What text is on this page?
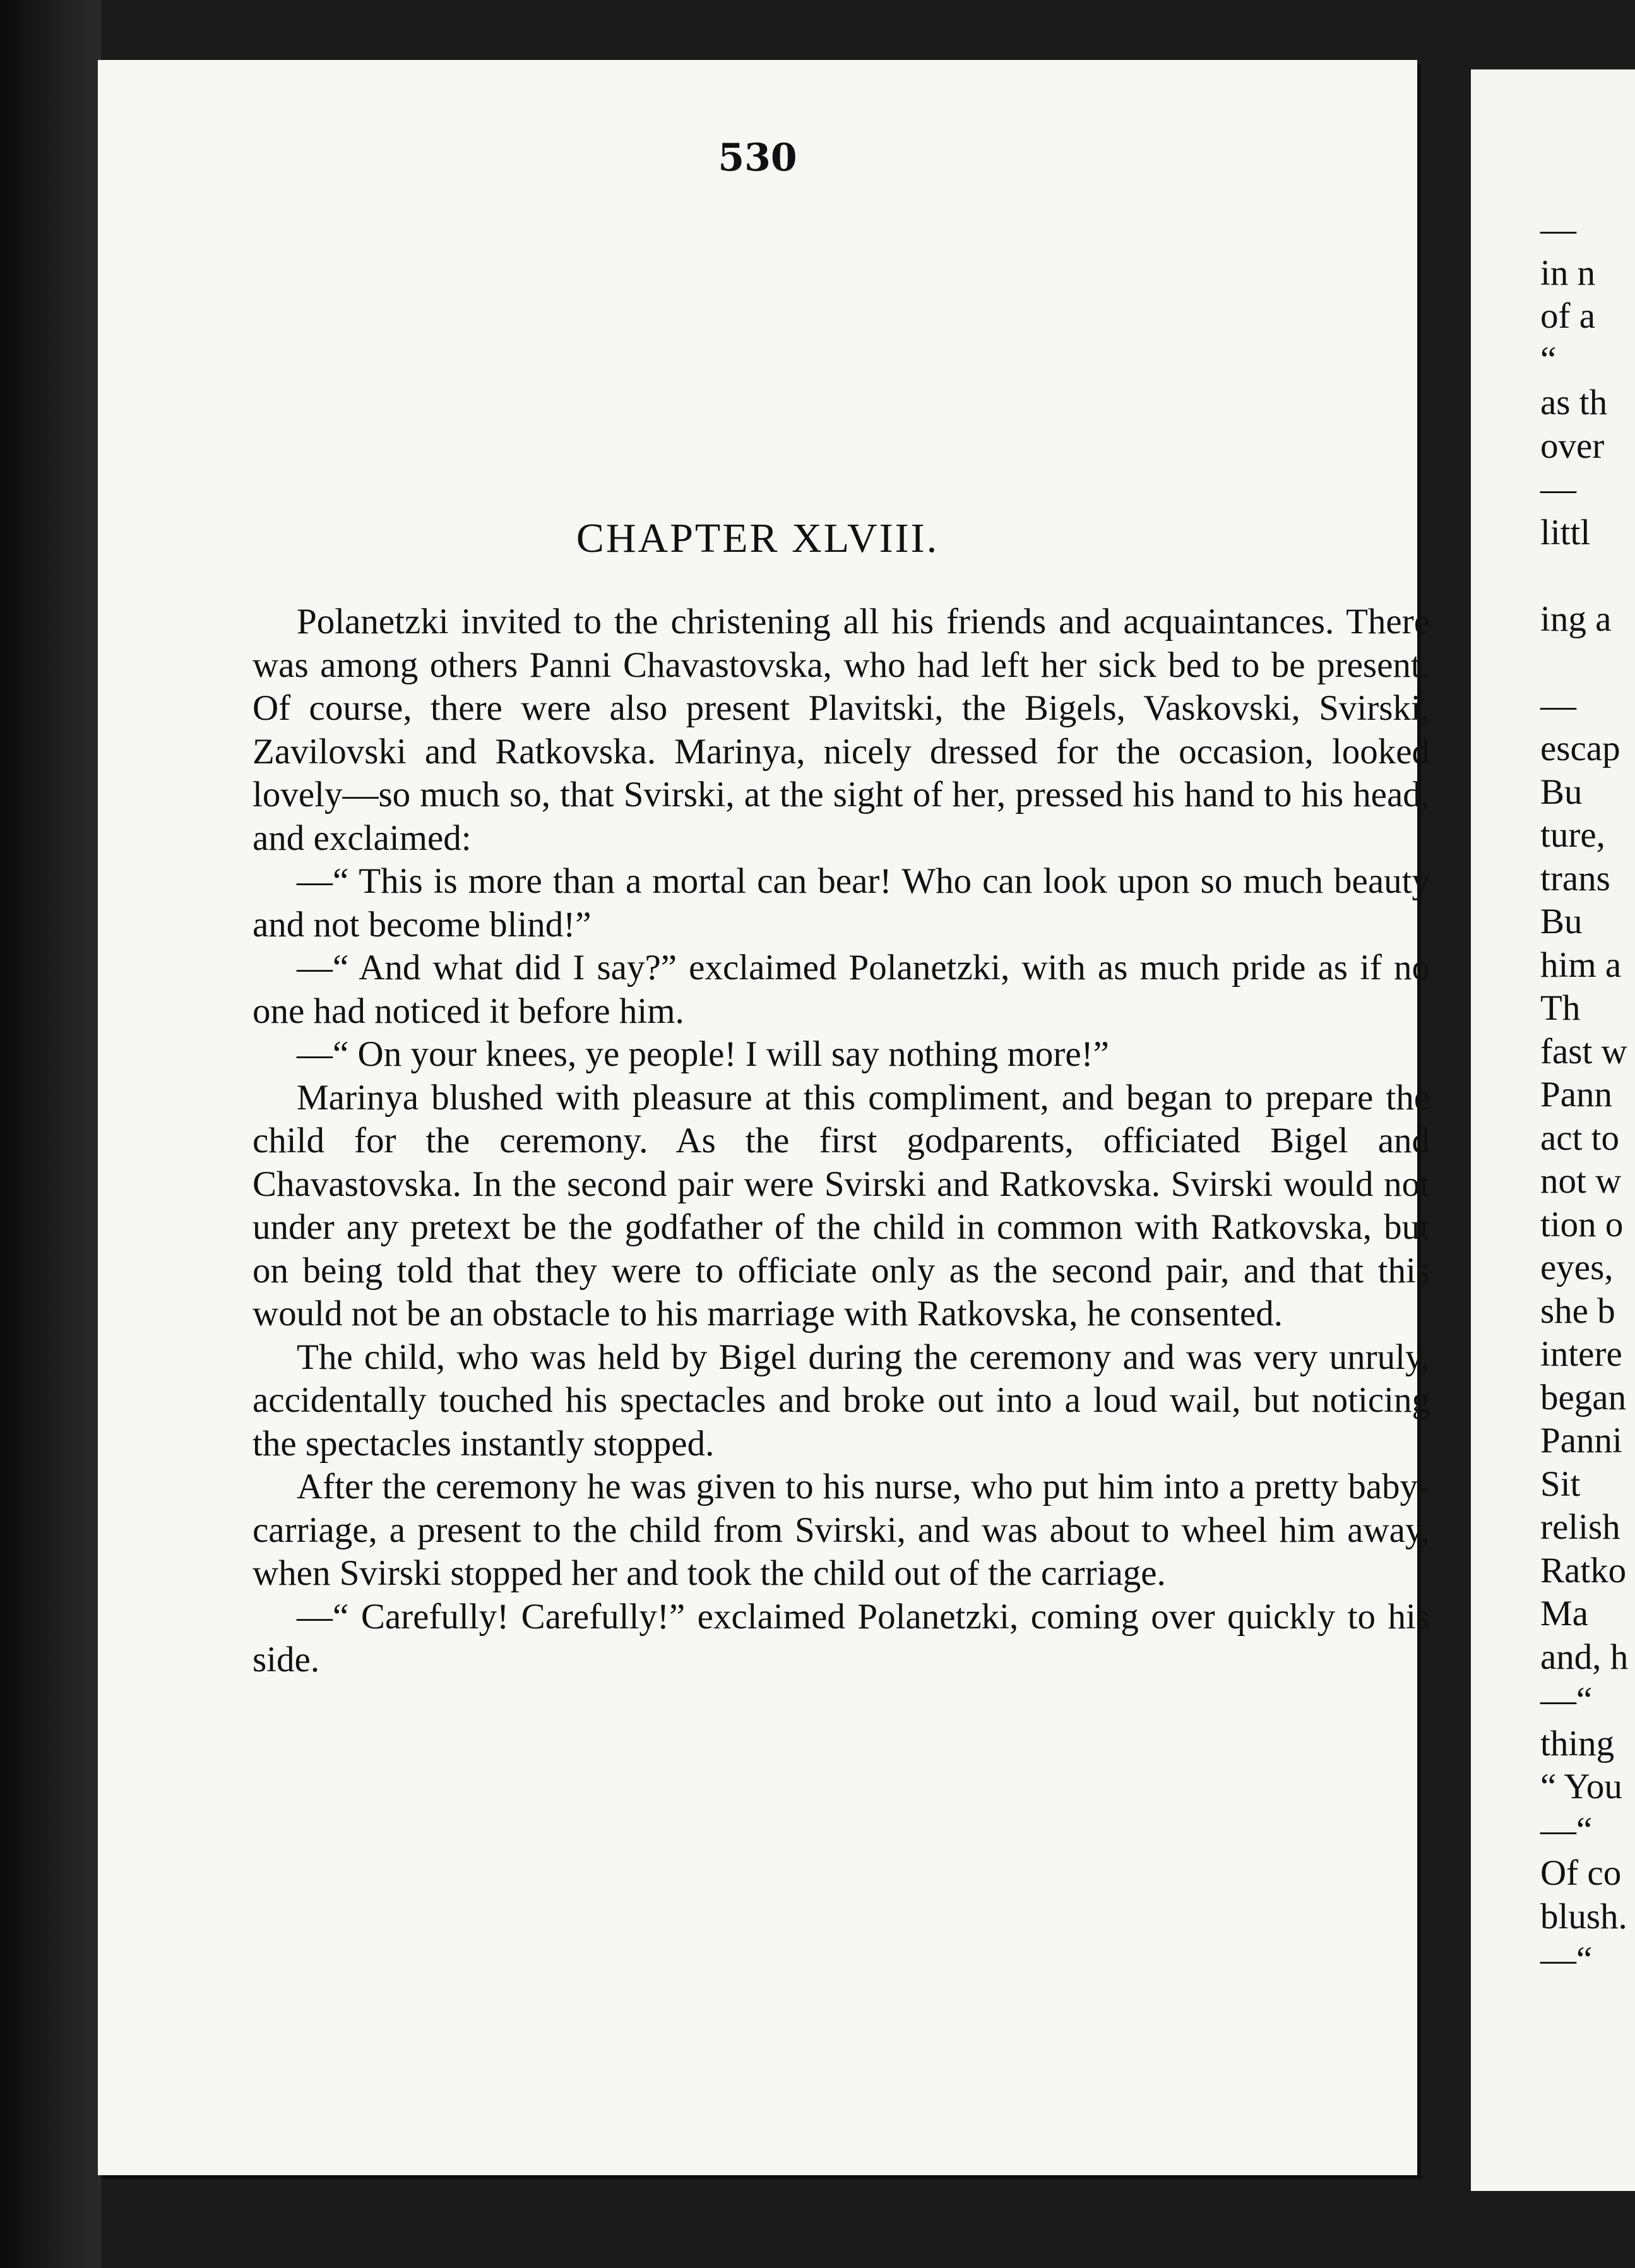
530
CHAPTER XLVIII.

Polanetzki invited to the christening all his friends and acquaintances. There was among others Panni Chavastovska, who had left her sick bed to be present. Of course, there were also present Plavitski, the Bigels, Vaskovski, Svirski, Zavilovski and Ratkovska. Marinya, nicely dressed for the occasion, looked lovely—so much so, that Svirski, at the sight of her, pressed his hand to his head, and exclaimed:

—“ This is more than a mortal can bear! Who can look upon so much beauty and not become blind!”

—“ And what did I say?” exclaimed Polanetzki, with as much pride as if no one had noticed it before him.

—“ On your knees, ye people! I will say nothing more!”

Marinya blushed with pleasure at this compliment, and began to prepare the child for the ceremony. As the first godparents, officiated Bigel and Chavastovska. In the second pair were Svirski and Ratkovska. Svirski would not under any pretext be the godfather of the child in common with Ratkovska, but on being told that they were to officiate only as the second pair, and that this would not be an obstacle to his marriage with Ratkovska, he consented.

The child, who was held by Bigel during the ceremony and was very unruly, accidentally touched his spectacles and broke out into a loud wail, but noticing the spectacles instantly stopped.

After the ceremony he was given to his nurse, who put him into a pretty baby-carriage, a present to the child from Svirski, and was about to wheel him away, when Svirski stopped her and took the child out of the carriage.

—“ Carefully! Carefully!” exclaimed Polanetzki, coming over quickly to his side.

—
in n
of a
“
as th
over
—
littl

ing a

—
escap
Bu
ture,
trans
Bu
him a
Th
fast w
Pann
act to
not w
tion o
eyes,
she b
intere
began
Panni
Sit
relish
Ratko
Ma
and, h
—“
thing
“ You
—“
Of co
blush.
—“
